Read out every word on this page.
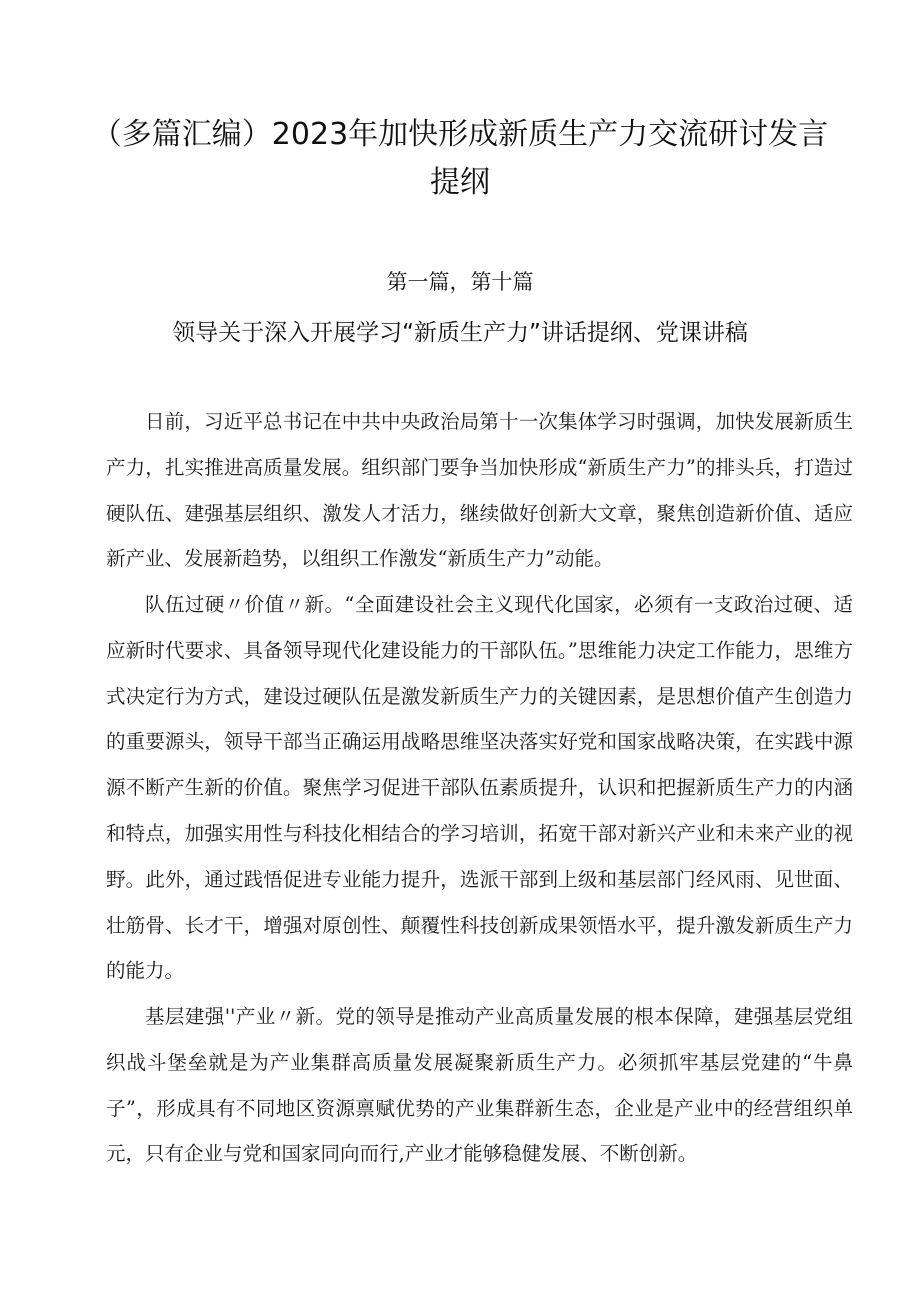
（多篇汇编）2023年加快形成新质生产力交流研讨发言提纲
第一篇，第十篇
领导关于深入开展学习“新质生产力”讲话提纲、党课讲稿

日前，习近平总书记在中共中央政治局第十一次集体学习时强调，加快发展新质生产力，扎实推进高质量发展。组织部门要争当加快形成“新质生产力”的排头兵，打造过硬队伍、建强基层组织、激发人才活力，继续做好创新大文章，聚焦创造新价值、适应新产业、发展新趋势，以组织工作激发“新质生产力”动能。

队伍过硬〃价值〃新。“全面建设社会主义现代化国家，必须有一支政治过硬、适应新时代要求、具备领导现代化建设能力的干部队伍。”思维能力决定工作能力，思维方式决定行为方式，建设过硬队伍是激发新质生产力的关键因素，是思想价值产生创造力的重要源头，领导干部当正确运用战略思维坚决落实好党和国家战略决策，在实践中源源不断产生新的价值。聚焦学习促进干部队伍素质提升，认识和把握新质生产力的内涵和特点，加强实用性与科技化相结合的学习培训，拓宽干部对新兴产业和未来产业的视野。此外，通过践悟促进专业能力提升，选派干部到上级和基层部门经风雨、见世面、壮筋骨、长才干，增强对原创性、颠覆性科技创新成果领悟水平，提升激发新质生产力的能力。

基层建强''产业〃新。党的领导是推动产业高质量发展的根本保障，建强基层党组织战斗堡垒就是为产业集群高质量发展凝聚新质生产力。必须抓牢基层党建的“牛鼻子”，形成具有不同地区资源禀赋优势的产业集群新生态，企业是产业中的经营组织单元，只有企业与党和国家同向而行,产业才能够稳健发展、不断创新。
